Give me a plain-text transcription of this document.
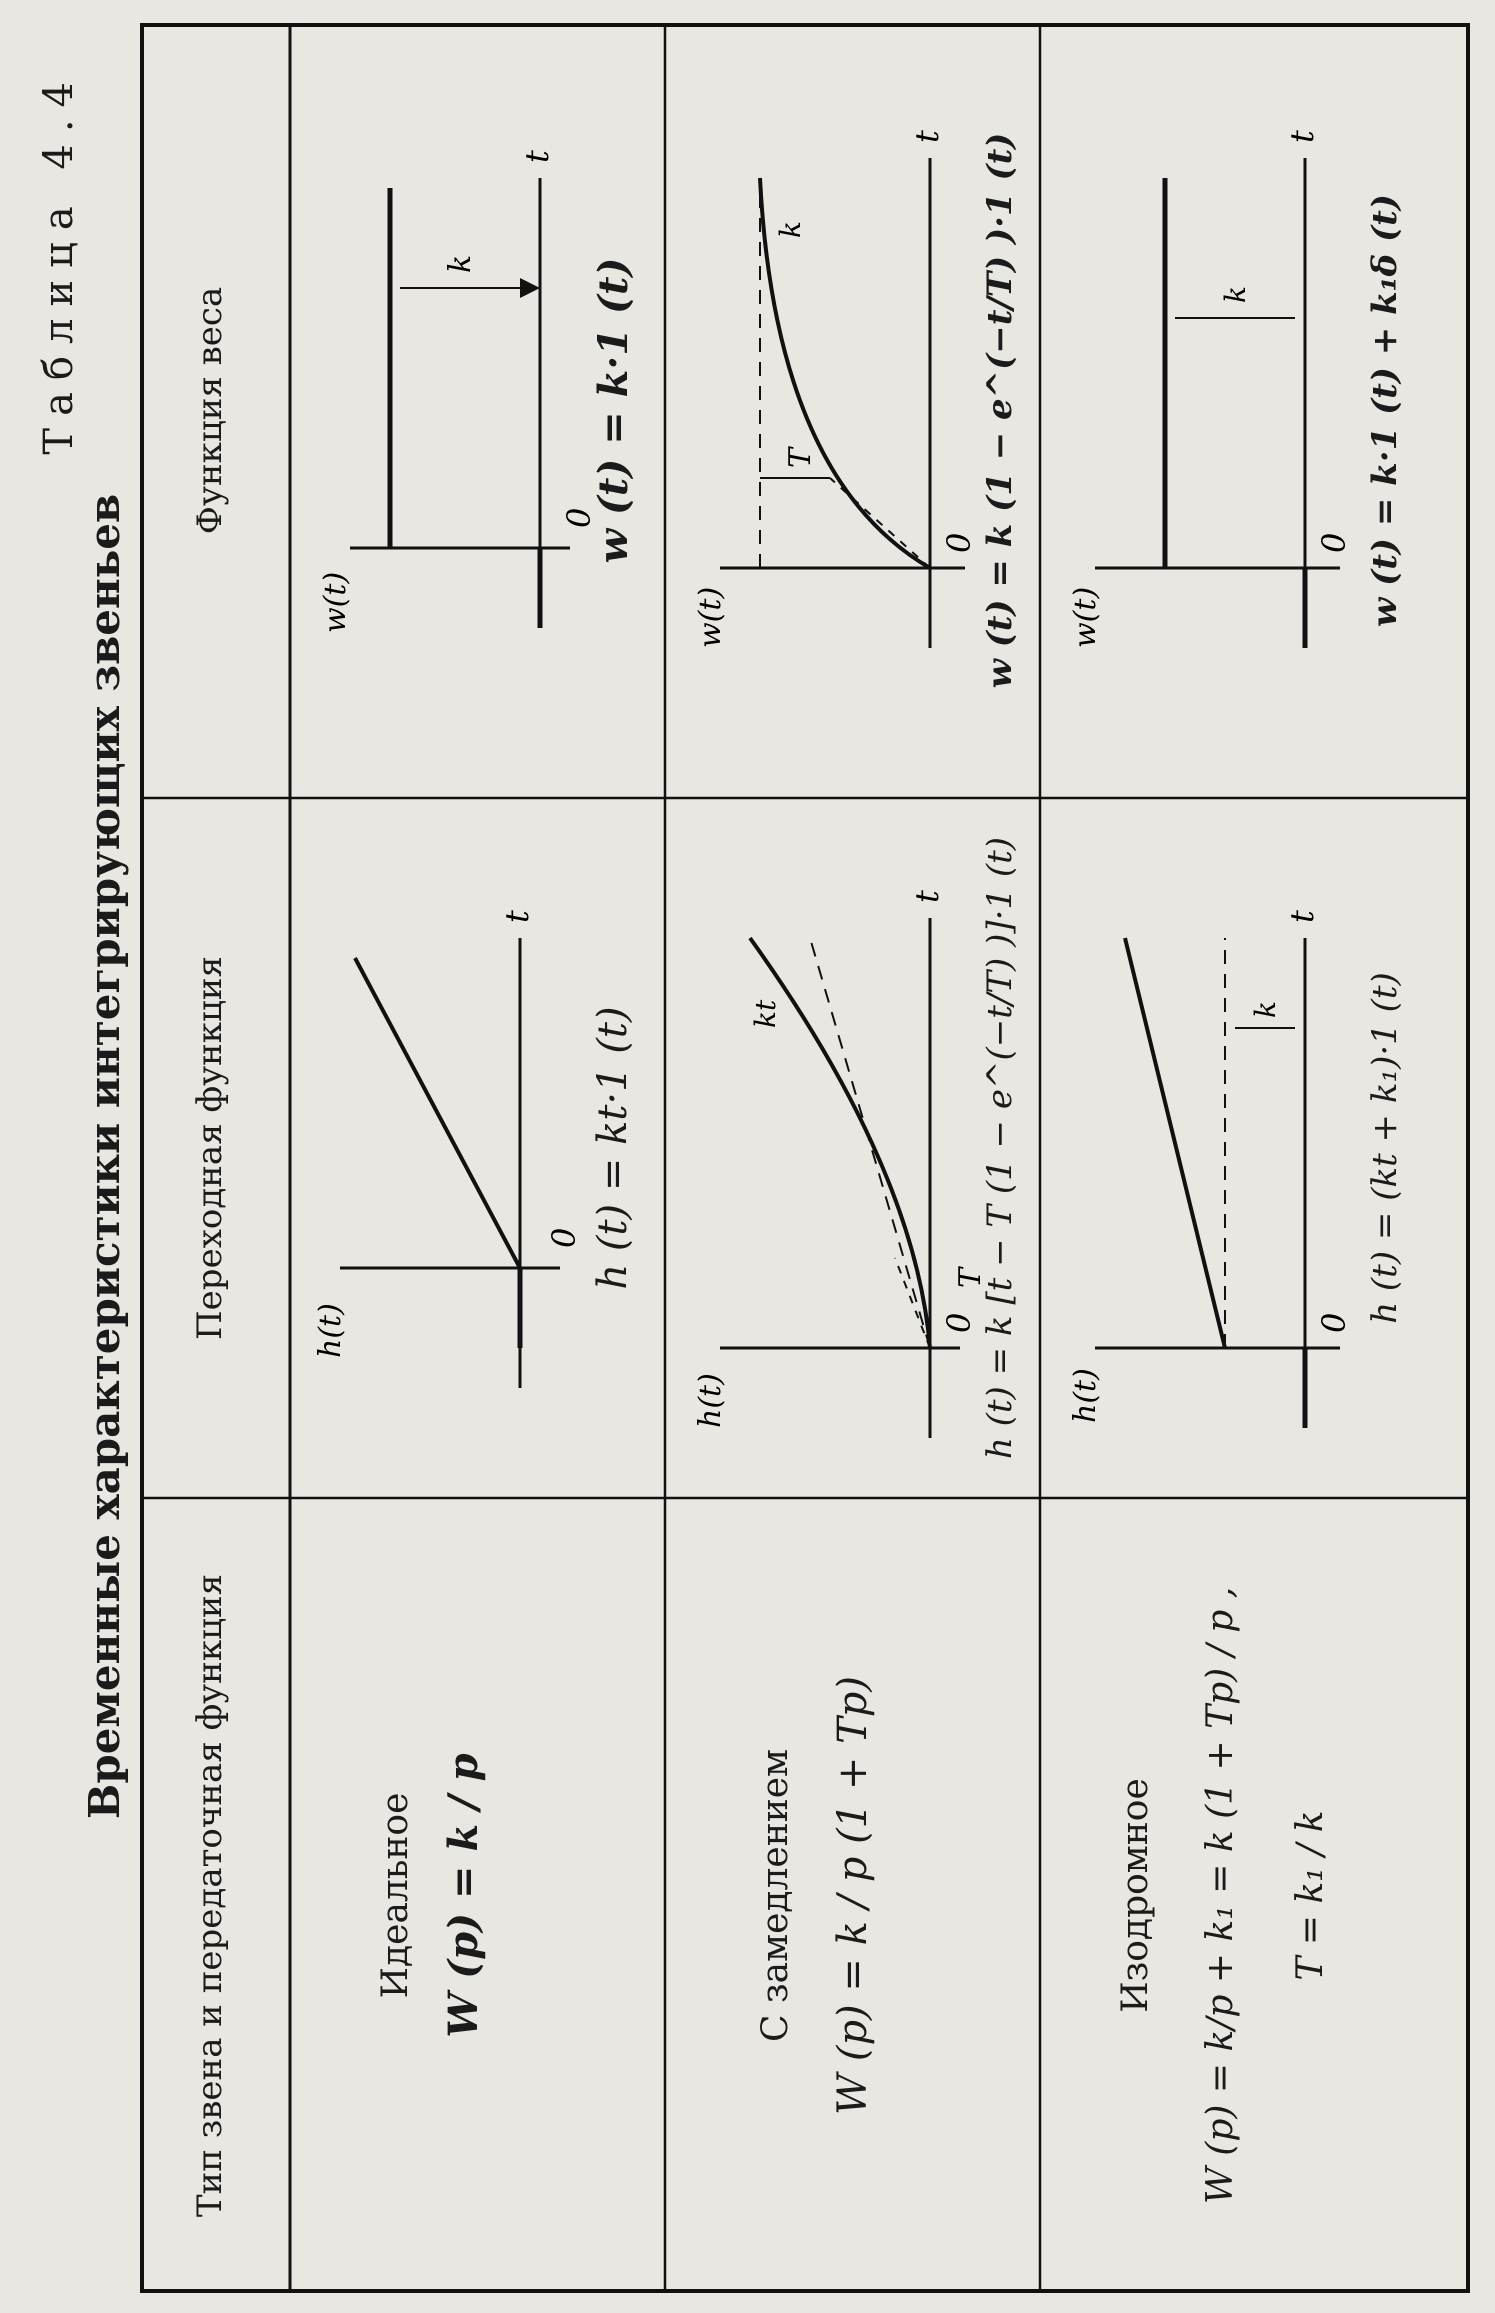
Таблица 4.4
Временные характеристики интегрирующих звеньев
Тип звена и передаточная функция
Переходная функция
Функция веса
Идеальное W (p) = k / p
h(t)
0
t
h (t) = kt·1 (t)
k
w(t)
0
t
w (t) = k·1 (t)
С замедлением W (p) = k / p (1 + Tp)
h(t)
0
T
kt
t h (t) = k [t − T (1 − e^(−t/T) )]·1 (t)
w(t)
0
T
k
t w (t) = k (1 − e^(−t/T) )·1 (t)
Изодромное W (p) = k/p + k₁ = k (1 + Tp) / p , T = k₁ / k
k
h(t)
0
t
h (t) = (kt + k₁)·1 (t)
k
w(t)
0
t
w (t) = k·1 (t) + k₁δ (t)
